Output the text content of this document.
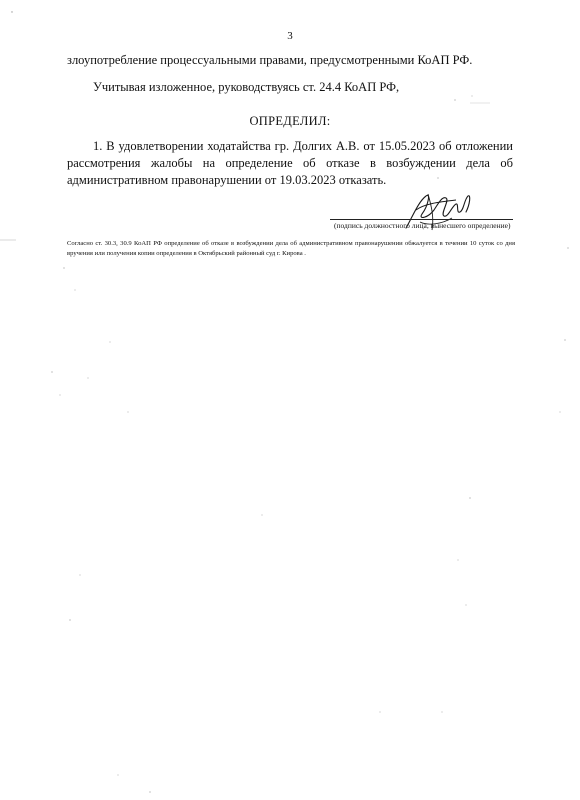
3
злоупотребление процессуальными правами, предусмотренными КоАП РФ.
Учитывая изложенное, руководствуясь ст. 24.4 КоАП РФ,
ОПРЕДЕЛИЛ:
1. В удовлетворении ходатайства гр. Долгих А.В. от 15.05.2023 об отложении рассмотрения жалобы на определение об отказе в возбуждении дела об административном правонарушении от 19.03.2023 отказать.
(подпись должностного лица, вынесшего определение)
Согласно ст. 30.3, 30.9 КоАП РФ определение об отказе в возбуждении дела об административном правонарушении обжалуется в течении 10 суток со дня вручения или получения копии определения в Октябрьский районный суд г. Кирова .
